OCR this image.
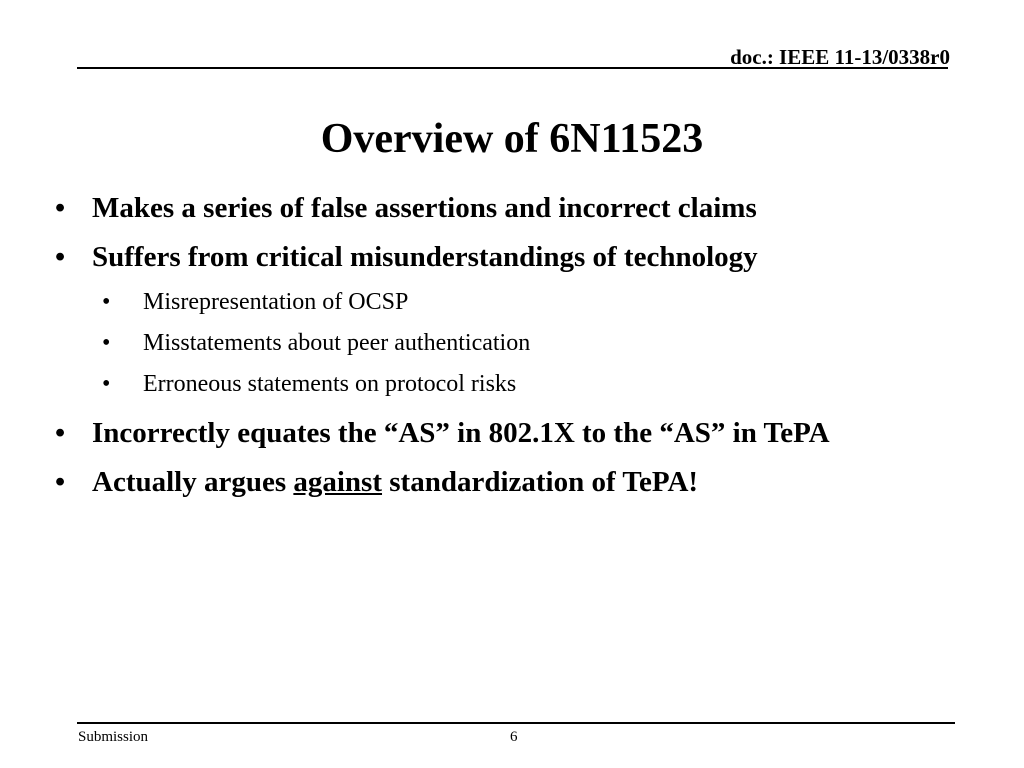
doc.: IEEE 11-13/0338r0
Overview of 6N11523
• Makes a series of false assertions and incorrect claims
• Suffers from critical misunderstandings of technology
• Misrepresentation of OCSP
• Misstatements about peer authentication
• Erroneous statements on protocol risks
• Incorrectly equates the “AS” in 802.1X to the “AS” in TePA
• Actually argues against standardization of TePA!
Submission	6
